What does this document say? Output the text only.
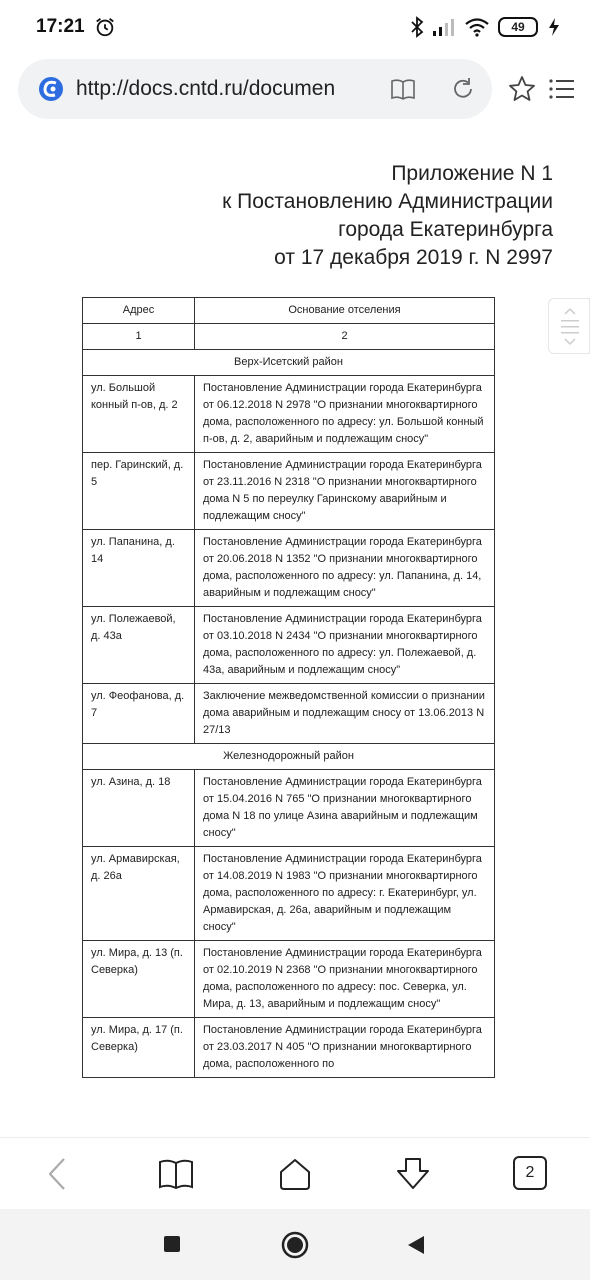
17:21	49
http://docs.cntd.ru/documen
Приложение N 1
к Постановлению Администрации
города Екатеринбурга
от 17 декабря 2019 г. N 2997
Адрес	Основание отселения
1	2
Верх-Исетский район	
ул. Большой конный п-ов, д. 2	Постановление Администрации города Екатеринбурга от 06.12.2018 N 2978 "О признании многоквартирного дома, расположенного по адресу: ул. Большой конный п-ов, д. 2, аварийным и подлежащим сносу"
пер. Гаринский, д. 5	Постановление Администрации города Екатеринбурга от 23.11.2016 N 2318 "О признании многоквартирного дома N 5 по переулку Гаринскому аварийным и подлежащим сносу"
ул. Папанина, д. 14	Постановление Администрации города Екатеринбурга от 20.06.2018 N 1352 "О признании многоквартирного дома, расположенного по адресу: ул. Папанина, д. 14, аварийным и подлежащим сносу"
ул. Полежаевой, д. 43а	Постановление Администрации города Екатеринбурга от 03.10.2018 N 2434 "О признании многоквартирного дома, расположенного по адресу: ул. Полежаевой, д. 43а, аварийным и подлежащим сносу"
ул. Феофанова, д. 7	Заключение межведомственной комиссии о признании дома аварийным и подлежащим сносу от 13.06.2013 N 27/13
Железнодорожный район	
ул. Азина, д. 18	Постановление Администрации города Екатеринбурга от 15.04.2016 N 765 "О признании многоквартирного дома N 18 по улице Азина аварийным и подлежащим сносу"
ул. Армавирская, д. 26а	Постановление Администрации города Екатеринбурга от 14.08.2019 N 1983 "О признании многоквартирного дома, расположенного по адресу: г. Екатеринбург, ул. Армавирская, д. 26а, аварийным и подлежащим сносу"
ул. Мира, д. 13 (п. Северка)	Постановление Администрации города Екатеринбурга от 02.10.2019 N 2368 "О признании многоквартирного дома, расположенного по адресу: пос. Северка, ул. Мира, д. 13, аварийным и подлежащим сносу"
ул. Мира, д. 17 (п. Северка)	Постановление Администрации города Екатеринбурга от 23.03.2017 N 405 "О признании многоквартирного дома, расположенного по
2
